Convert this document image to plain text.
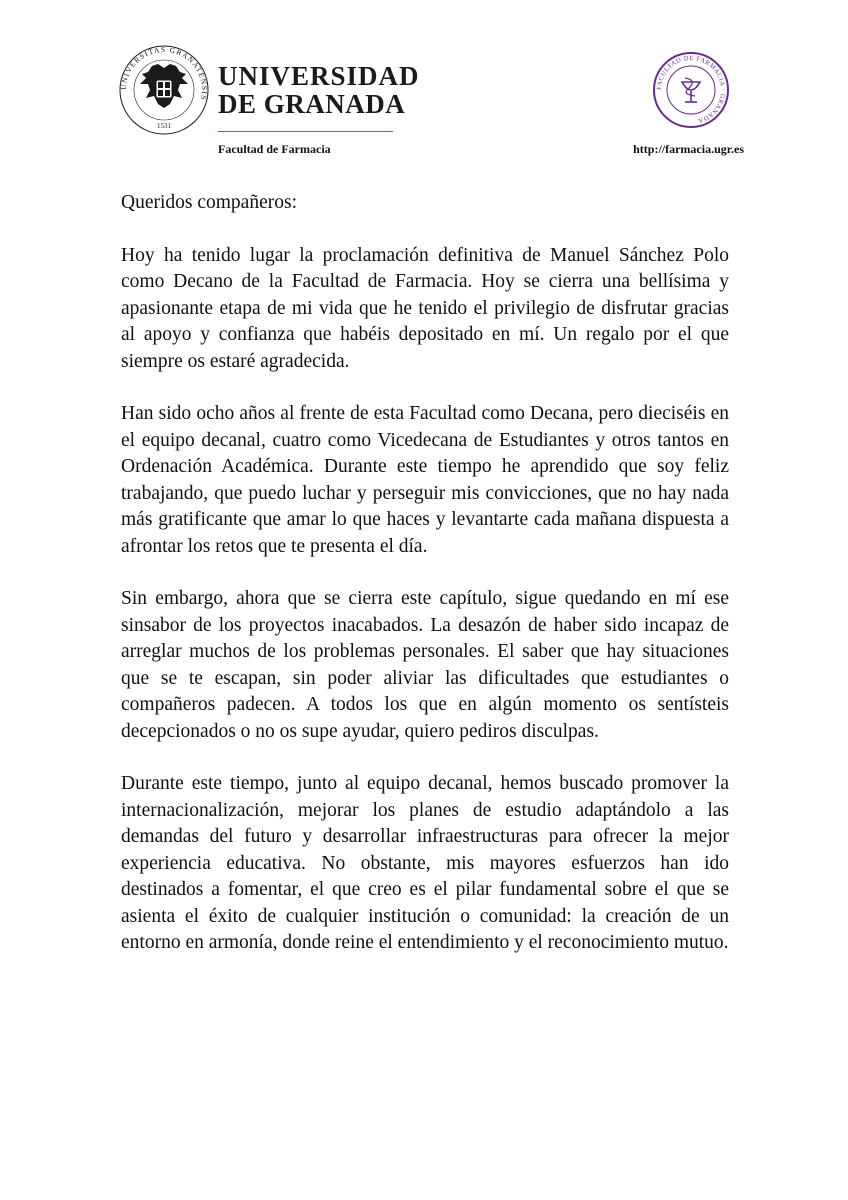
UNIVERSITAS GRANATENSIS
1531
UNIVERSIDAD
DE GRANADA
FACULTAD DE FARMACIA · GRANADA
Facultad de Farmacia	http://farmacia.ugr.es

Queridos compañeros:

Hoy ha tenido lugar la proclamación definitiva de Manuel Sánchez Polo como Decano de la Facultad de Farmacia. Hoy se cierra una bellísima y apasionante etapa de mi vida que he tenido el privilegio de disfrutar gracias al apoyo y confianza que habéis depositado en mí. Un regalo por el que siempre os estaré agradecida.

Han sido ocho años al frente de esta Facultad como Decana, pero dieciséis en el equipo decanal, cuatro como Vicedecana de Estudiantes y otros tantos en Ordenación Académica. Durante este tiempo he aprendido que soy feliz trabajando, que puedo luchar y perseguir mis convicciones, que no hay nada más gratificante que amar lo que haces y levantarte cada mañana dispuesta a afrontar los retos que te presenta el día.

Sin embargo, ahora que se cierra este capítulo, sigue quedando en mí ese sinsabor de los proyectos inacabados. La desazón de haber sido incapaz de arreglar muchos de los problemas personales. El saber que hay situaciones que se te escapan, sin poder aliviar las dificultades que estudiantes o compañeros padecen. A todos los que en algún momento os sentísteis decepcionados o no os supe ayudar, quiero pediros disculpas.

Durante este tiempo, junto al equipo decanal, hemos buscado promover la internacionalización, mejorar los planes de estudio adaptándolo a las demandas del futuro y desarrollar infraestructuras para ofrecer la mejor experiencia educativa. No obstante, mis mayores esfuerzos han ido destinados a fomentar, el que creo es el pilar fundamental sobre el que se asienta el éxito de cualquier institución o comunidad: la creación de un entorno en armonía, donde reine el entendimiento y el reconocimiento mutuo.
